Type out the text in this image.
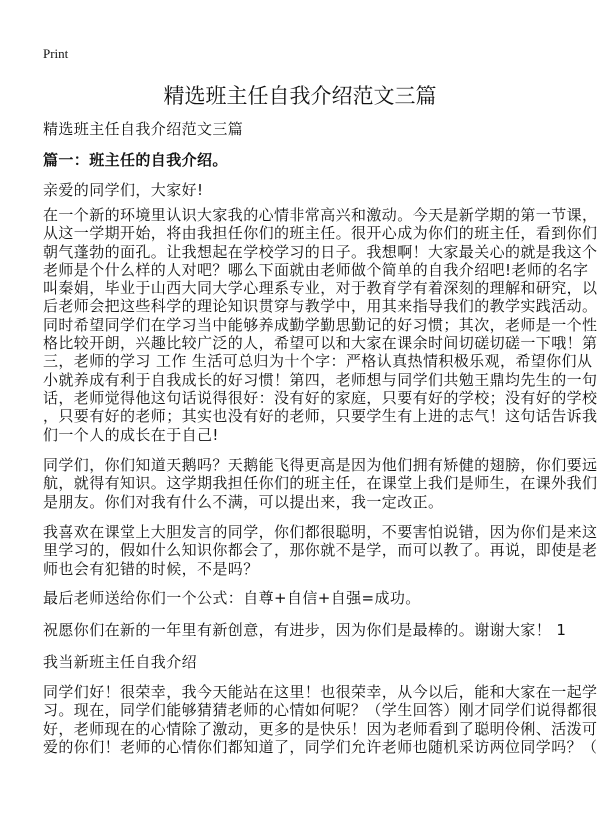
Print
精选班主任自我介绍范文三篇
精选班主任自我介绍范文三篇
篇一：班主任的自我介绍。
亲爱的同学们，大家好!
在一个新的环境里认识大家我的心情非常高兴和激动。今天是新学期的第一节课，
从这一学期开始，将由我担任你们的班主任。很开心成为你们的班主任，看到你们
朝气蓬勃的面孔。让我想起在学校学习的日子。我想啊！大家最关心的就是我这个
老师是个什么样的人对吧？哪么下面就由老师做个简单的自我介绍吧!老师的名字
叫秦娟，毕业于山西大同大学心理系专业，对于教育学有着深刻的理解和研究，以
后老师会把这些科学的理论知识贯穿与教学中，用其来指导我们的教学实践活动。
同时希望同学们在学习当中能够养成勤学勤思勤记的好习惯；其次，老师是一个性
格比较开朗，兴趣比较广泛的人，希望可以和大家在课余时间切磋切磋一下哦！第
三，老师的学习 工作 生活可总归为十个字：严格认真热情积极乐观，希望你们从
小就养成有利于自我成长的好习惯！第四，老师想与同学们共勉王鼎均先生的一句
话，老师觉得他这句话说得很好：没有好的家庭，只要有好的学校；没有好的学校
，只要有好的老师；其实也没有好的老师，只要学生有上进的志气！这句话告诉我
们一个人的成长在于自己!
同学们，你们知道天鹅吗？天鹅能飞得更高是因为他们拥有矫健的翅膀，你们要远
航，就得有知识。这学期我担任你们的班主任，在课堂上我们是师生，在课外我们
是朋友。你们对我有什么不满，可以提出来，我一定改正。
我喜欢在课堂上大胆发言的同学，你们都很聪明，不要害怕说错，因为你们是来这
里学习的，假如什么知识你都会了，那你就不是学，而可以教了。再说，即使是老
师也会有犯错的时候，不是吗？
最后老师送给你们一个公式：自尊+自信+自强=成功。
祝愿你们在新的一年里有新创意，有进步，因为你们是最棒的。谢谢大家！ 1
我当新班主任自我介绍
同学们好！很荣幸，我今天能站在这里！也很荣幸，从今以后，能和大家在一起学
习。现在，同学们能够猜猜老师的心情如何呢？（学生回答）刚才同学们说得都很
好，老师现在的心情除了激动，更多的是快乐！因为老师看到了聪明伶俐、活泼可
爱的你们！老师的心情你们都知道了，同学们允许老师也随机采访两位同学吗？（
